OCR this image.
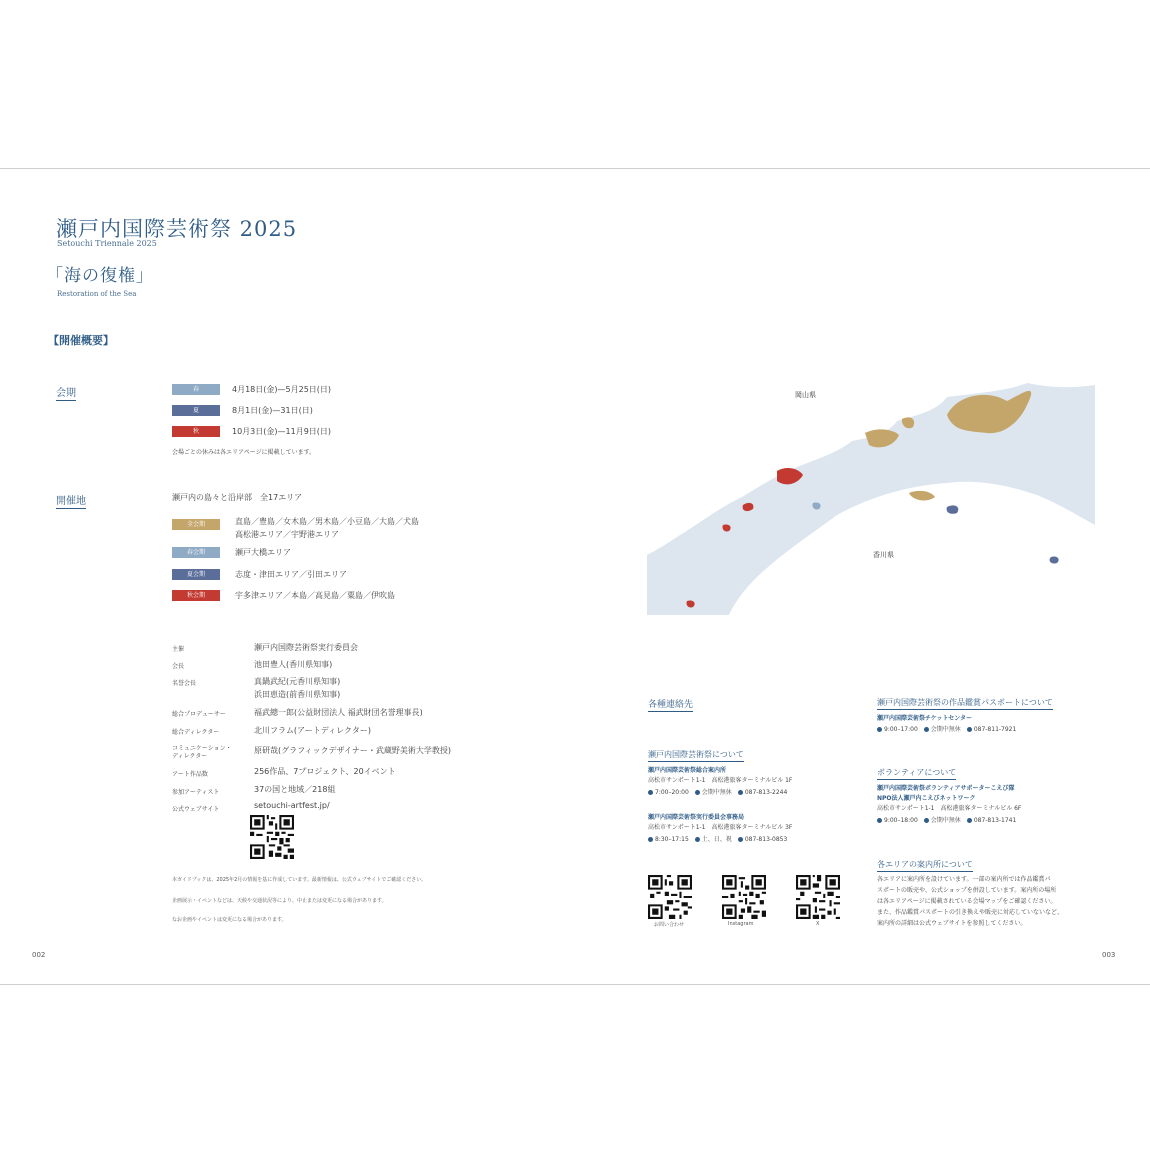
瀬戸内国際芸術祭 2025
Setouchi Triennale 2025
「海の復権」
Restoration of the Sea
【開催概要】
会期	春	4月18日(金)—5月25日(日)
夏	8月1日(金)—31日(日)
秋	10月3日(金)—11月9日(日)
会場ごとの休みは各エリアページに掲載しています。
開催地	瀬戸内の島々と沿岸部　全17エリア
全会期	直島／豊島／女木島／男木島／小豆島／大島／犬島
高松港エリア／宇野港エリア
春会期	瀬戸大橋エリア
夏会期	志度・津田エリア／引田エリア
秋会期	宇多津エリア／本島／高見島／粟島／伊吹島
主催	瀬戸内国際芸術祭実行委員会
会長	池田豊人(香川県知事)
名誉会長	真鍋武紀(元香川県知事)
浜田恵造(前香川県知事)
総合プロデューサー	福武總一郎(公益財団法人 福武財団名誉理事長)
総合ディレクター	北川フラム(アートディレクター)
コミュニケーション・
ディレクター
原研哉(グラフィックデザイナー・武蔵野美術大学教授)
アート作品数	256作品、7プロジェクト、20イベント
参加アーティスト	37の国と地域／218組
公式ウェブサイト	setouchi-artfest.jp/
本ガイドブックは、2025年2月の情報を基に作成しています。最新情報は、公式ウェブサイトでご確認ください。
企画展示・イベントなどは、天候や交通状況等により、中止または変更になる場合があります。
なお企画やイベントは変更になる場合があります。
002	003
岡山県
香川県
各種連絡先
瀬戸内国際芸術祭について
瀬戸内国際芸術祭総合案内所
高松市サンポート1-1　高松港旅客ターミナルビル 1F
7:00–20:00　 会期中無休　 087-813-2244
瀬戸内国際芸術祭実行委員会事務局
高松市サンポート1-1　高松港旅客ターミナルビル 3F
8:30–17:15　 土、日、祝　 087-813-0853
瀬戸内国際芸術祭の作品鑑賞パスポートについて
瀬戸内国際芸術祭チケットセンター
9:00–17:00　 会期中無休　 087-811-7921
ボランティアについて
瀬戸内国際芸術祭ボランティアサポーターこえび隊
NPO法人瀬戸内こえびネットワーク
高松市サンポート1-1　高松港旅客ターミナルビル 6F
9:00–18:00　 会期中無休　 087-813-1741
各エリアの案内所について
各エリアに案内所を設けています。一部の案内所では作品鑑賞パ
スポートの販売や、公式ショップを併設しています。案内所の場所
は各エリアページに掲載されている会場マップをご確認ください。
また、作品鑑賞パスポートの引き換えや販売に対応していないなど、
案内所の詳細は公式ウェブサイトを参照してください。
お問い合わせ	Instagram	X
